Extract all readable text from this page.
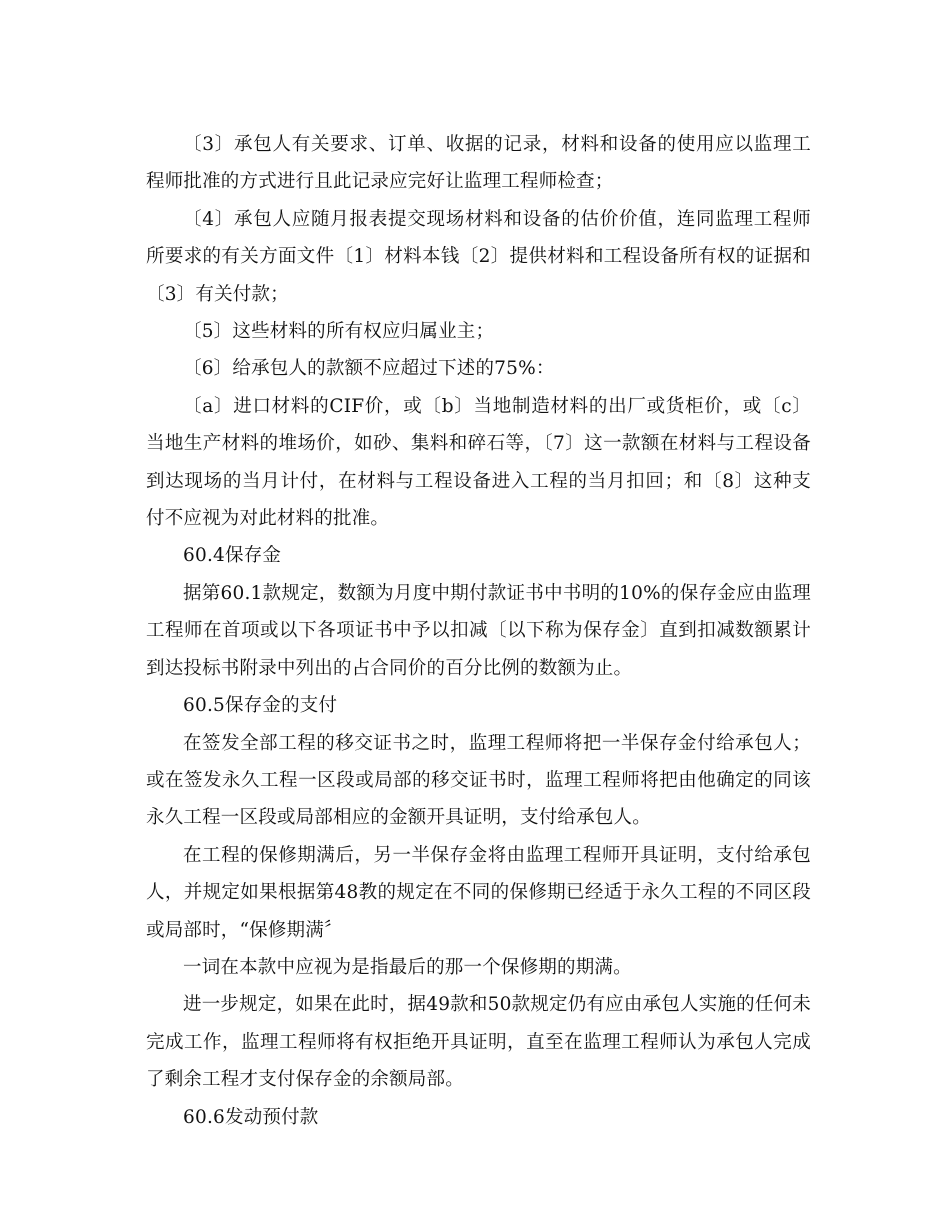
〔3〕承包人有关要求、订单、收据的记录，材料和设备的使用应以监理工程师批准的方式进行且此记录应完好让监理工程师检查；

〔4〕承包人应随月报表提交现场材料和设备的估价价值，连同监理工程师所要求的有关方面文件〔1〕材料本钱〔2〕提供材料和工程设备所有权的证据和〔3〕有关付款；

〔5〕这些材料的所有权应归属业主；

〔6〕给承包人的款额不应超过下述的75%：

〔a〕进口材料的CIF价，或〔b〕当地制造材料的出厂或货柜价，或〔c〕当地生产材料的堆场价，如砂、集料和碎石等，〔7〕这一款额在材料与工程设备到达现场的当月计付，在材料与工程设备进入工程的当月扣回；和〔8〕这种支付不应视为对此材料的批准。

60.4保存金

据第60.1款规定，数额为月度中期付款证书中书明的10%的保存金应由监理工程师在首项或以下各项证书中予以扣减〔以下称为保存金〕直到扣减数额累计到达投标书附录中列出的占合同价的百分比例的数额为止。

60.5保存金的支付

在签发全部工程的移交证书之时，监理工程师将把一半保存金付给承包人；或在签发永久工程一区段或局部的移交证书时，监理工程师将把由他确定的同该永久工程一区段或局部相应的金额开具证明，支付给承包人。

在工程的保修期满后，另一半保存金将由监理工程师开具证明，支付给承包人，并规定如果根据第48教的规定在不同的保修期已经适于永久工程的不同区段或局部时，“保修期满〞

一词在本款中应视为是指最后的那一个保修期的期满。

进一步规定，如果在此时，据49款和50款规定仍有应由承包人实施的任何未完成工作，监理工程师将有权拒绝开具证明，直至在监理工程师认为承包人完成了剩余工程才支付保存金的余额局部。

60.6发动预付款
